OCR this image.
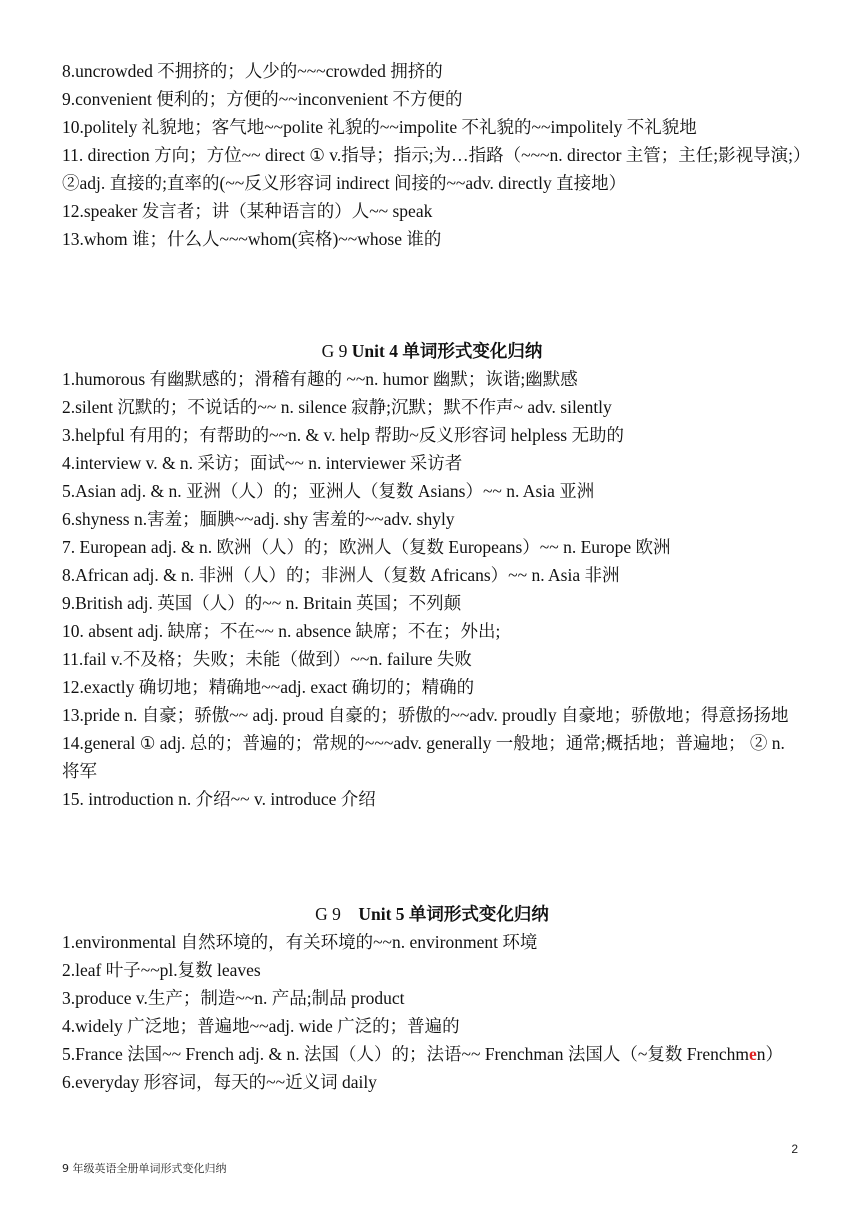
8.uncrowded 不拥挤的；人少的~~~crowded 拥挤的
9.convenient 便利的；方便的~~inconvenient 不方便的
10.politely 礼貌地；客气地~~polite 礼貌的~~impolite 不礼貌的~~impolitely 不礼貌地
11. direction 方向；方位~~ direct ① v.指导；指示;为…指路（~~~n. director 主管；主任;影视导演;）②adj. 直接的;直率的(~~反义形容词 indirect 间接的~~adv. directly 直接地）
12.speaker 发言者；讲（某种语言的）人~~ speak
13.whom 谁；什么人~~~whom(宾格)~~whose 谁的
G 9 Unit 4 单词形式变化归纳
1.humorous 有幽默感的；滑稽有趣的 ~~n. humor 幽默；诙谐;幽默感
2.silent 沉默的；不说话的~~ n. silence 寂静;沉默；默不作声~ adv. silently
3.helpful 有用的；有帮助的~~n. & v. help 帮助~反义形容词 helpless 无助的
4.interview v. & n. 采访；面试~~ n. interviewer 采访者
5.Asian adj. & n. 亚洲（人）的；亚洲人（复数 Asians）~~ n. Asia 亚洲
6.shyness n.害羞；腼腆~~adj. shy 害羞的~~adv. shyly
7. European adj. & n. 欧洲（人）的；欧洲人（复数 Europeans）~~ n. Europe 欧洲
8.African adj. & n. 非洲（人）的；非洲人（复数 Africans）~~ n. Asia 非洲
9.British adj. 英国（人）的~~ n. Britain 英国；不列颠
10. absent adj. 缺席；不在~~ n. absence 缺席；不在；外出;
11.fail v.不及格；失败；未能（做到）~~n. failure 失败
12.exactly 确切地；精确地~~adj. exact 确切的；精确的
13.pride n. 自豪；骄傲~~ adj. proud 自豪的；骄傲的~~adv. proudly 自豪地；骄傲地；得意扬扬地
14.general ① adj. 总的；普遍的；常规的~~~adv. generally 一般地；通常;概括地；普遍地； ② n. 将军
15. introduction n. 介绍~~ v. introduce 介绍
G 9    Unit 5 单词形式变化归纳
1.environmental 自然环境的，有关环境的~~n. environment 环境
2.leaf 叶子~~pl.复数 leaves
3.produce v.生产；制造~~n. 产品;制品 product
4.widely 广泛地；普遍地~~adj. wide 广泛的；普遍的
5.France 法国~~ French adj. & n. 法国（人）的；法语~~ Frenchman 法国人（~复数 Frenchmen）
6.everyday 形容词，每天的~~近义词 daily
2
9 年级英语全册单词形式变化归纳
